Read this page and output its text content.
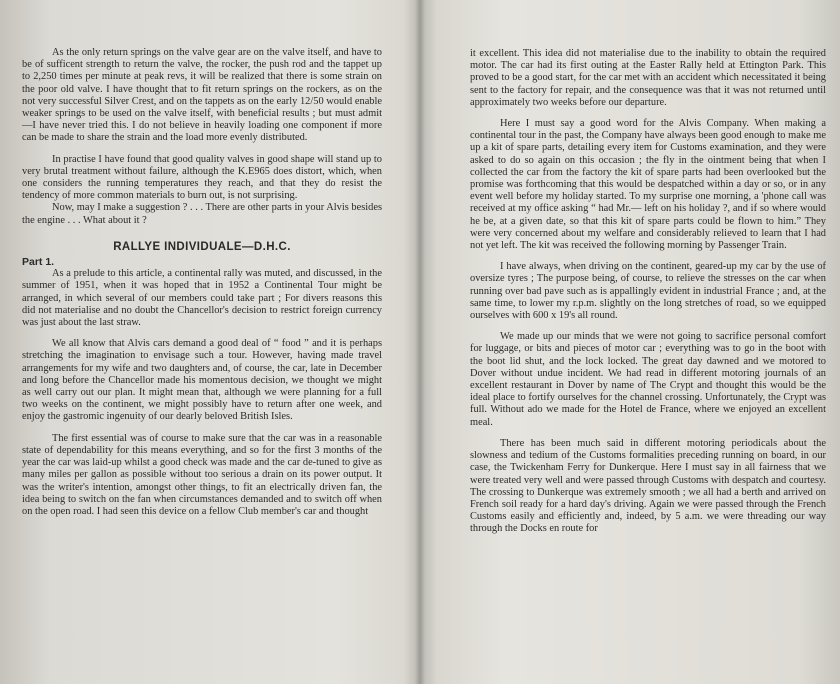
As the only return springs on the valve gear are on the valve itself, and have to be of sufficent strength to return the valve, the rocker, the push rod and the tappet up to 2,250 times per minute at peak revs, it will be realized that there is some strain on the poor old valve. I have thought that to fit return springs on the rockers, as on the not very successful Silver Crest, and on the tappets as on the early 12/50 would enable weaker springs to be used on the valve itself, with beneficial results ; but must admit—I have never tried this. I do not believe in heavily loading one component if more can be made to share the strain and the load more evenly distributed.

In practise I have found that good quality valves in good shape will stand up to very brutal treatment without failure, although the K.E965 does distort, which, when one considers the running temperatures they reach, and that they do resist the tendency of more common materials to burn out, is not surprising.

Now, may I make a suggestion ? . . . There are other parts in your Alvis besides the engine . . . What about it ?

RALLYE INDIVIDUALE—D.H.C.
Part 1.

As a prelude to this article, a continental rally was muted, and discussed, in the summer of 1951, when it was hoped that in 1952 a Continental Tour might be arranged, in which several of our members could take part ; For divers reasons this did not materialise and no doubt the Chancellor's decision to restrict foreign currency was just about the last straw.

We all know that Alvis cars demand a good deal of “ food ” and it is perhaps stretching the imagination to envisage such a tour. However, having made travel arrangements for my wife and two daughters and, of course, the car, late in December and long before the Chancellor made his momentous decision, we thought we might as well carry out our plan. It might mean that, although we were planning for a full two weeks on the continent, we might possibly have to return after one week, and enjoy the gastromic ingenuity of our dearly beloved British Isles.

The first essential was of course to make sure that the car was in a reasonable state of dependability for this means everything, and so for the first 3 months of the year the car was laid-up whilst a good check was made and the car de-tuned to give as many miles per gallon as possible without too serious a drain on its power output. It was the writer's intention, amongst other things, to fit an electrically driven fan, the idea being to switch on the fan when circumstances demanded and to switch off when on the open road. I had seen this device on a fellow Club member's car and thought

it excellent. This idea did not materialise due to the inability to obtain the required motor. The car had its first outing at the Easter Rally held at Ettington Park. This proved to be a good start, for the car met with an accident which necessitated it being sent to the factory for repair, and the consequence was that it was not returned until approximately two weeks before our departure.

Here I must say a good word for the Alvis Company. When making a continental tour in the past, the Company have always been good enough to make me up a kit of spare parts, detailing every item for Customs examination, and they were asked to do so again on this occasion ; the fly in the ointment being that when I collected the car from the factory the kit of spare parts had been overlooked but the promise was forthcoming that this would be despatched within a day or so, or in any event well before my holiday started. To my surprise one morning, a 'phone call was received at my office asking “ had Mr.— left on his holiday ?, and if so where would he be, at a given date, so that this kit of spare parts could be flown to him.” They were very concerned about my welfare and considerably relieved to learn that I had not yet left. The kit was received the following morning by Passenger Train.

I have always, when driving on the continent, geared-up my car by the use of oversize tyres ; The purpose being, of course, to relieve the stresses on the car when running over bad pave such as is appallingly evident in industrial France ; and, at the same time, to lower my r.p.m. slightly on the long stretches of road, so we equipped ourselves with 600 x 19's all round.

We made up our minds that we were not going to sacrifice personal comfort for luggage, or bits and pieces of motor car ; everything was to go in the boot with the boot lid shut, and the lock locked. The great day dawned and we motored to Dover without undue incident. We had read in different motoring journals of an excellent restaurant in Dover by name of The Crypt and thought this would be the ideal place to fortify ourselves for the channel crossing. Unfortunately, the Crypt was full. Without ado we made for the Hotel de France, where we enjoyed an excellent meal.

There has been much said in different motoring periodicals about the slowness and tedium of the Customs formalities preceding running on board, in our case, the Twickenham Ferry for Dunkerque. Here I must say in all fairness that we were treated very well and were passed through Customs with despatch and courtesy. The crossing to Dunkerque was extremely smooth ; we all had a berth and arrived on French soil ready for a hard day's driving. Again we were passed through the French Customs easily and efficiently and, indeed, by 5 a.m. we were threading our way through the Docks en route for
